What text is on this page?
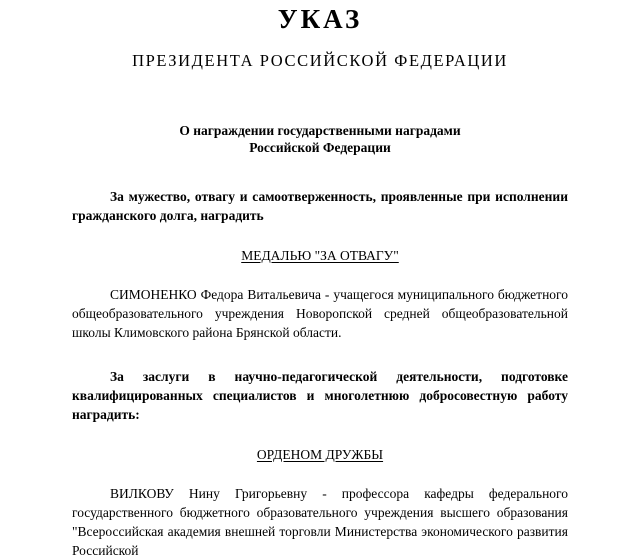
УКАЗ
ПРЕЗИДЕНТА РОССИЙСКОЙ ФЕДЕРАЦИИ
О награждении государственными наградами
Российской Федерации

За мужество, отвагу и самоотверженность, проявленные при исполнении гражданского долга, наградить

МЕДАЛЬЮ "ЗА ОТВАГУ"

СИМОНЕНКО Федора Витальевича - учащегося муниципального бюджетного общеобразовательного учреждения Новоропской средней общеобразовательной школы Климовского района Брянской области.

За заслуги в научно-педагогической деятельности, подготовке квалифицированных специалистов и многолетнюю добросовестную работу наградить:

ОРДЕНОМ ДРУЖБЫ

ВИЛКОВУ Нину Григорьевну - профессора кафедры федерального государственного бюджетного образовательного учреждения высшего образования "Всероссийская академия внешней торговли Министерства экономического развития Российской
